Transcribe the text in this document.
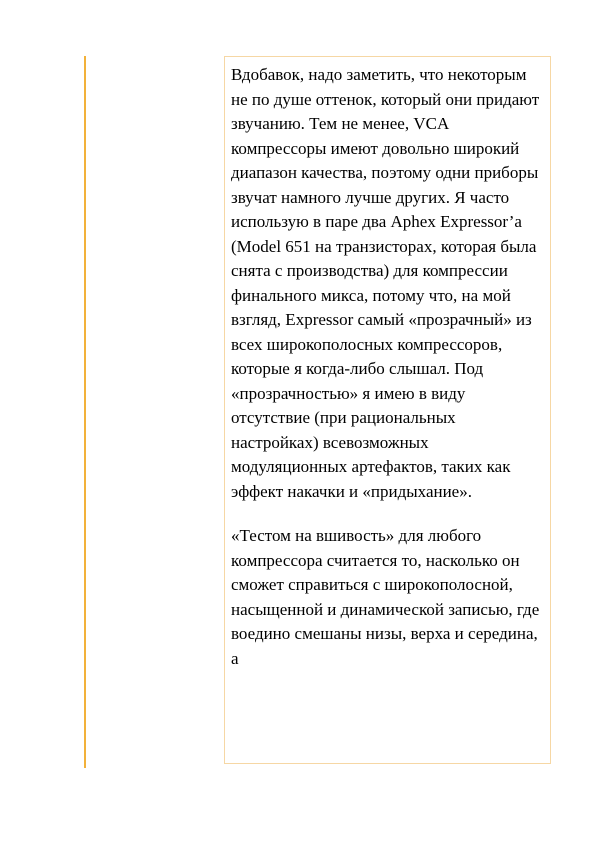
Вдобавок, надо заметить, что некоторым не по душе оттенок, который они придают звучанию. Тем не менее, VCA компрессоры имеют довольно широкий диапазон качества, поэтому одни приборы звучат намного лучше других. Я часто использую в паре два Aphex Expressor’a (Model 651 на транзисторах, которая была снята с производства) для компрессии финального микса, потому что, на мой взгляд, Expressor самый «прозрачный» из всех широкополосных компрессоров, которые я когда-либо слышал. Под «прозрачностью» я имею в виду отсутствие (при рациональных настройках) всевозможных модуляционных артефактов, таких как эффект накачки и «придыхание».

«Тестом на вшивость» для любого компрессора считается то, насколько он сможет справиться с широкополосной, насыщенной и динамической записью, где воедино смешаны низы, верха и середина, а
